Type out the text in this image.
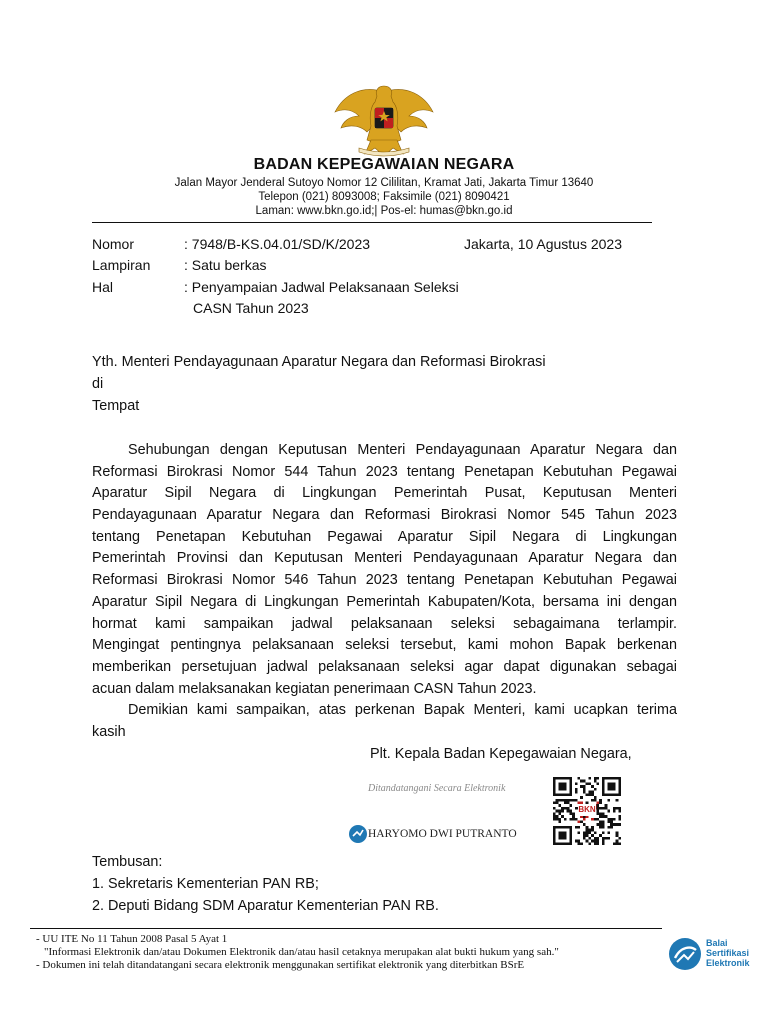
BADAN KEPEGAWAIAN NEGARA
Jalan Mayor Jenderal Sutoyo Nomor 12 Cililitan, Kramat Jati, Jakarta Timur 13640
Telepon (021) 8093008; Faksimile (021) 8090421
Laman: www.bkn.go.id;| Pos-el: humas@bkn.go.id
Nomor	: 7948/B-KS.04.01/SD/K/2023	Jakarta, 10 Agustus 2023
Lampiran : Satu berkas
Hal	: Penyampaian Jadwal Pelaksanaan Seleksi
CASN Tahun 2023
Yth. Menteri Pendayagunaan Aparatur Negara dan Reformasi Birokrasi
di
Tempat
Sehubungan dengan Keputusan Menteri Pendayagunaan Aparatur Negara dan
Reformasi Birokrasi Nomor 544 Tahun 2023 tentang Penetapan Kebutuhan Pegawai
Aparatur Sipil Negara di Lingkungan Pemerintah Pusat, Keputusan Menteri
Pendayagunaan Aparatur Negara dan Reformasi Birokrasi Nomor 545 Tahun 2023
tentang Penetapan Kebutuhan Pegawai Aparatur Sipil Negara di Lingkungan
Pemerintah Provinsi dan Keputusan Menteri Pendayagunaan Aparatur Negara dan
Reformasi Birokrasi Nomor 546 Tahun 2023 tentang Penetapan Kebutuhan Pegawai
Aparatur Sipil Negara di Lingkungan Pemerintah Kabupaten/Kota, bersama ini dengan
hormat kami sampaikan jadwal pelaksanaan seleksi sebagaimana terlampir.
Mengingat pentingnya pelaksanaan seleksi tersebut, kami mohon Bapak berkenan
memberikan persetujuan jadwal pelaksanaan seleksi agar dapat digunakan sebagai
acuan dalam melaksanakan kegiatan penerimaan CASN Tahun 2023.
Demikian kami sampaikan, atas perkenan Bapak Menteri, kami ucapkan terima
kasih
Plt. Kepala Badan Kepegawaian Negara,
Ditandatangani Secara Elektronik
HARYOMO DWI PUTRANTO
BKN
Tembusan:
1. Sekretaris Kementerian PAN RB;
2. Deputi Bidang SDM Aparatur Kementerian PAN RB.
- UU ITE No 11 Tahun 2008 Pasal 5 Ayat 1
"Informasi Elektronik dan/atau Dokumen Elektronik dan/atau hasil cetaknya merupakan alat bukti hukum yang sah."
- Dokumen ini telah ditandatangani secara elektronik menggunakan sertifikat elektronik yang diterbitkan BSrE
Balai
Sertifikasi
Elektronik
